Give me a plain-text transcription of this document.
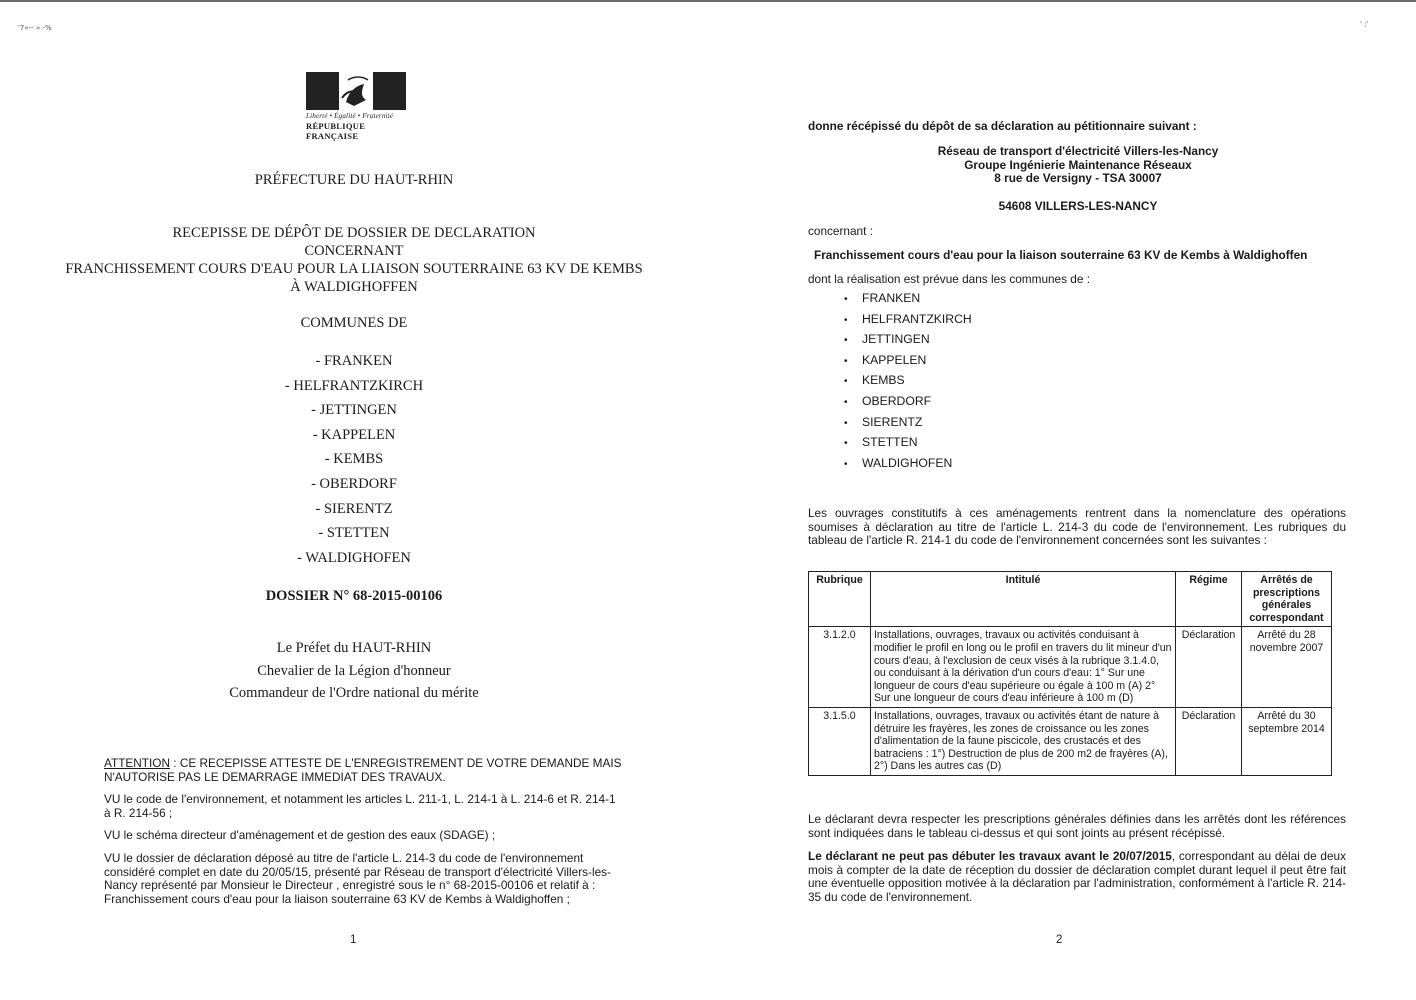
'7»-- » -%	' ;'
Liberté • Égalité • Fraternité
RÉPUBLIQUE FRANÇAISE
PRÉFECTURE DU HAUT-RHIN
RECEPISSE DE DÉPÔT DE DOSSIER DE DECLARATION
CONCERNANT
FRANCHISSEMENT COURS D'EAU POUR LA LIAISON SOUTERRAINE 63 KV DE KEMBS
À WALDIGHOFFEN
COMMUNES DE
- FRANKEN
- HELFRANTZKIRCH
- JETTINGEN
- KAPPELEN
- KEMBS
- OBERDORF
- SIERENTZ
- STETTEN
- WALDIGHOFEN
DOSSIER N° 68-2015-00106

Le Préfet du HAUT-RHIN

Chevalier de la Légion d'honneur

Commandeur de l'Ordre national du mérite

ATTENTION : CE RECEPISSE ATTESTE DE L'ENREGISTREMENT DE VOTRE DEMANDE MAIS N'AUTORISE PAS LE DEMARRAGE IMMEDIAT DES TRAVAUX.

VU le code de l'environnement, et notamment les articles L. 211-1, L. 214-1 à L. 214-6 et R. 214-1 à R. 214-56 ;

VU le schéma directeur d'aménagement et de gestion des eaux (SDAGE) ;

VU le dossier de déclaration déposé au titre de l'article L. 214-3 du code de l'environnement considéré complet en date du 20/05/15, présenté par Réseau de transport d'électricité Villers-les-Nancy représenté par Monsieur le Directeur , enregistré sous le n° 68-2015-00106 et relatif à : Franchissement cours d'eau pour la liaison souterraine 63 KV de Kembs à Waldighoffen ;

1
donne récépissé du dépôt de sa déclaration au pétitionnaire suivant :
Réseau de transport d'électricité Villers-les-Nancy
Groupe Ingénierie Maintenance Réseaux
8 rue de Versigny - TSA 30007
54608 VILLERS-LES-NANCY
concernant :
Franchissement cours d'eau pour la liaison souterraine 63 KV de Kembs à Waldighoffen
dont la réalisation est prévue dans les communes de :
• FRANKEN
• HELFRANTZKIRCH
• JETTINGEN
• KAPPELEN
• KEMBS
• OBERDORF
• SIERENTZ
• STETTEN
• WALDIGHOFEN
Les ouvrages constitutifs à ces aménagements rentrent dans la nomenclature des opérations soumises à déclaration au titre de l'article L. 214-3 du code de l'environnement. Les rubriques du tableau de l'article R. 214-1 du code de l'environnement concernées sont les suivantes :
Rubrique	Intitulé	Régime	Arrêtés de prescriptions générales correspondant
3.1.2.0	Installations, ouvrages, travaux ou activités conduisant à modifier le profil en long ou le profil en travers du lit mineur d'un cours d'eau, à l'exclusion de ceux visés à la rubrique 3.1.4.0, ou conduisant à la dérivation d'un cours d'eau: 1° Sur une longueur de cours d'eau supérieure ou égale à 100 m (A) 2° Sur une longueur de cours d'eau inférieure à 100 m (D)	Déclaration	Arrêté du 28 novembre 2007
3.1.5.0	Installations, ouvrages, travaux ou activités étant de nature à détruire les frayères, les zones de croissance ou les zones d'alimentation de la faune piscicole, des crustacés et des batraciens : 1°) Destruction de plus de 200 m2 de frayères (A), 2°) Dans les autres cas (D)	Déclaration	Arrêté du 30 septembre 2014
Le déclarant devra respecter les prescriptions générales définies dans les arrêtés dont les références sont indiquées dans le tableau ci-dessus et qui sont joints au présent récépissé.
Le déclarant ne peut pas débuter les travaux avant le 20/07/2015, correspondant au délai de deux mois à compter de la date de réception du dossier de déclaration complet durant lequel il peut être fait une éventuelle opposition motivée à la déclaration par l'administration, conformément à l'article R. 214-35 du code de l'environnement.
2
